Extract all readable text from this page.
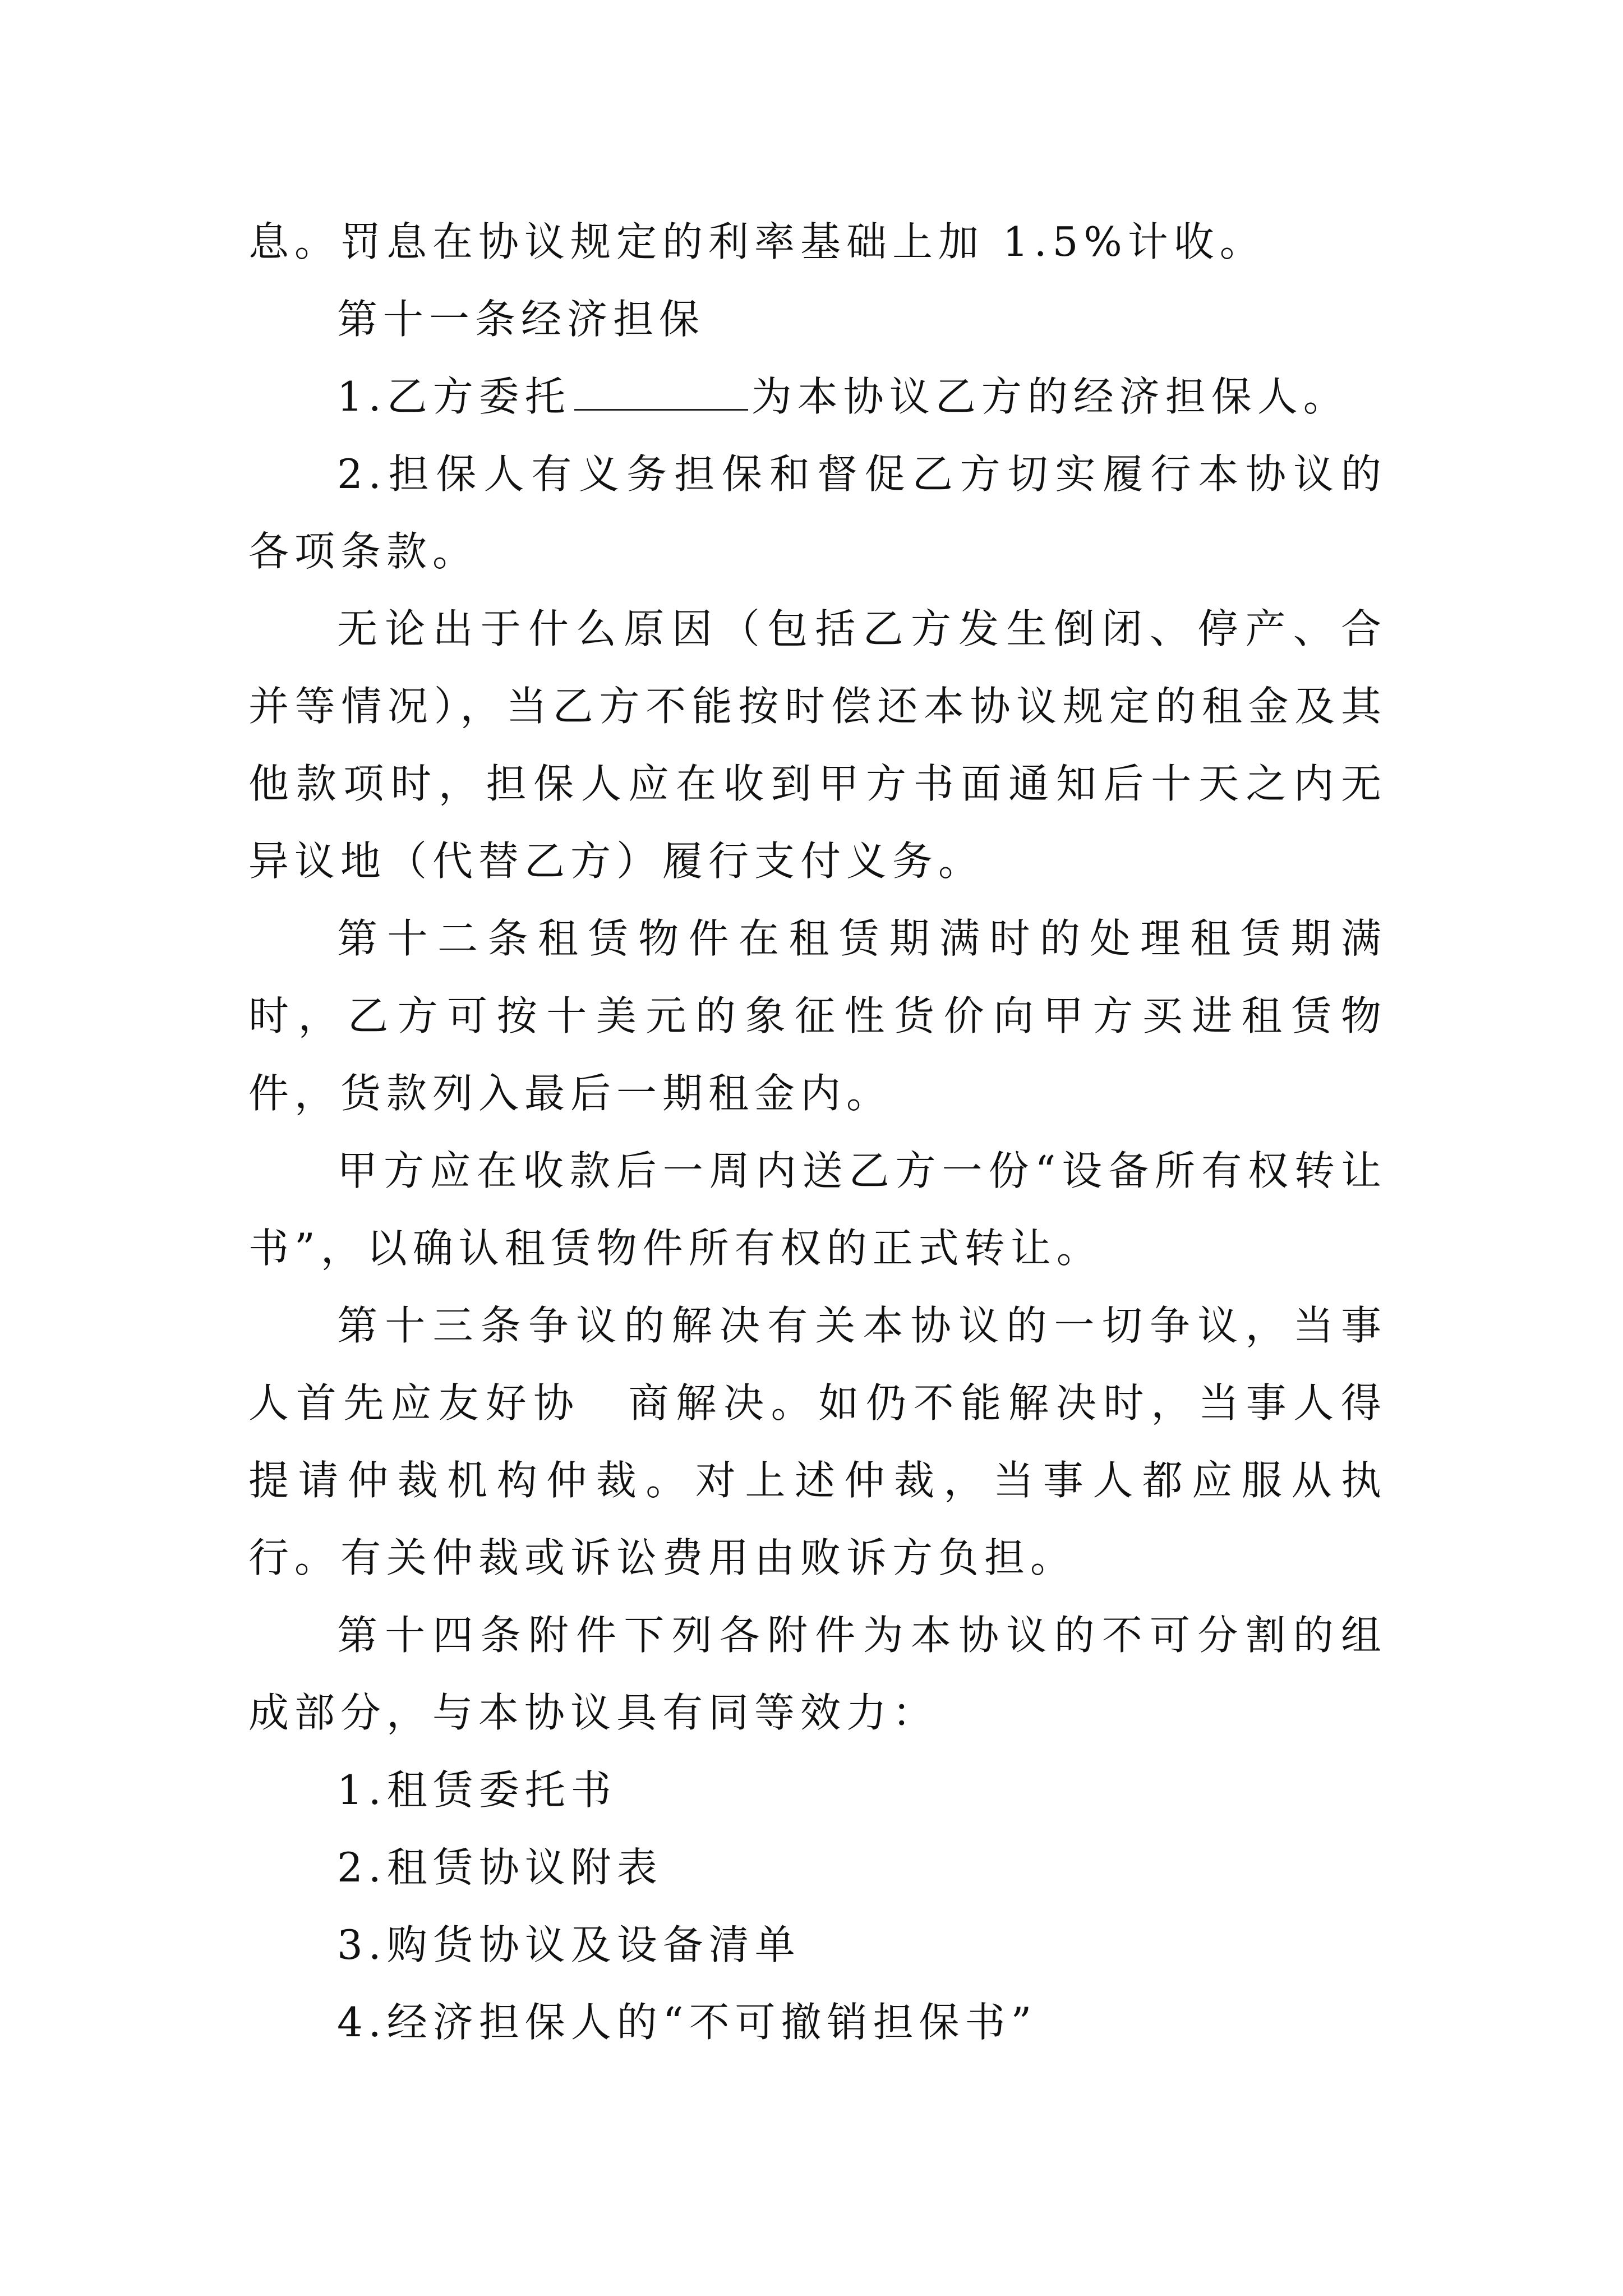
息。罚息在协议规定的利率基础上加 1.5%计收。

第十一条经济担保

1.乙方委托	为本协议乙方的经济担保人。

2.担保人有义务担保和督促乙方切实履行本协议的各项条款。

无论出于什么原因（包括乙方发生倒闭、停产、合并等情况），当乙方不能按时偿还本协议规定的租金及其他款项时，担保人应在收到甲方书面通知后十天之内无异议地（代替乙方）履行支付义务。

第十二条租赁物件在租赁期满时的处理租赁期满时，乙方可按十美元的象征性货价向甲方买进租赁物件，货款列入最后一期租金内。

甲方应在收款后一周内送乙方一份“设备所有权转让书”，以确认租赁物件所有权的正式转让。

第十三条争议的解决有关本协议的一切争议，当事人首先应友好协　商解决。如仍不能解决时，当事人得提请仲裁机构仲裁。对上述仲裁，当事人都应服从执行。有关仲裁或诉讼费用由败诉方负担。

第十四条附件下列各附件为本协议的不可分割的组成部分，与本协议具有同等效力：

1.租赁委托书

2.租赁协议附表

3.购货协议及设备清单

4.经济担保人的“不可撤销担保书”
